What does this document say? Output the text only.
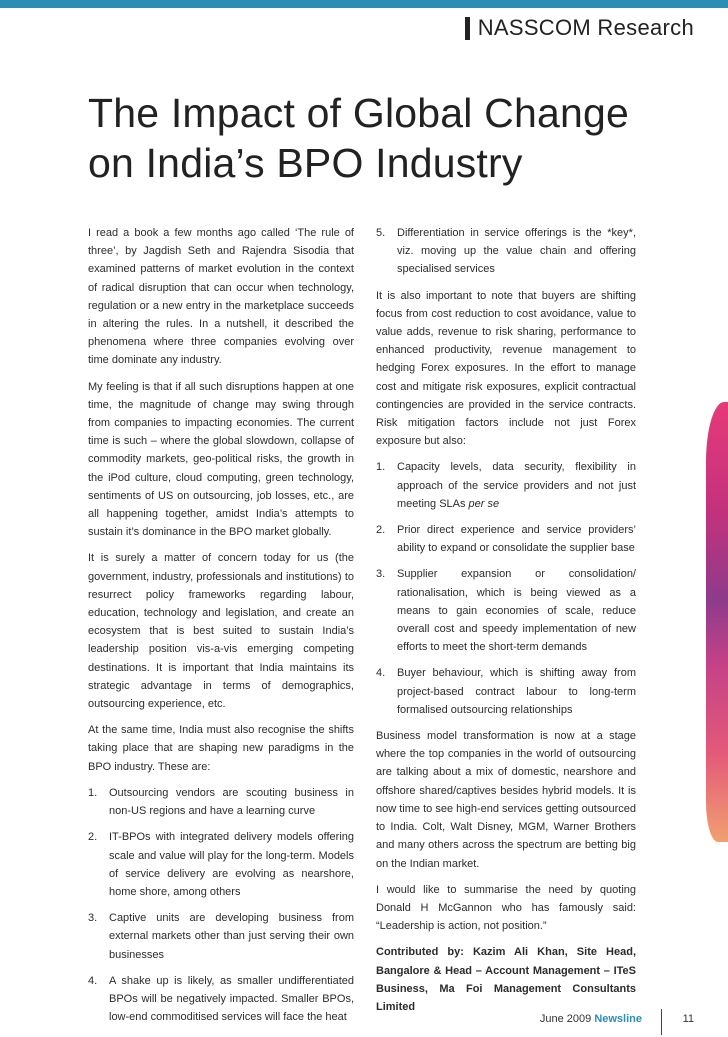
NASSCOM Research
The Impact of Global Change
on India’s BPO Industry

I read a book a few months ago called ‘The rule of three’, by Jagdish Seth and Rajendra Sisodia that examined patterns of market evolution in the context of radical disruption that can occur when technology, regulation or a new entry in the marketplace succeeds in altering the rules. In a nutshell, it described the phenomena where three companies evolving over time dominate any industry.

My feeling is that if all such disruptions happen at one time, the magnitude of change may swing through from companies to impacting economies. The current time is such – where the global slowdown, collapse of commodity markets, geo-political risks, the growth in the iPod culture, cloud computing, green technology, sentiments of US on outsourcing, job losses, etc., are all happening together, amidst India’s attempts to sustain it’s dominance in the BPO market globally.

It is surely a matter of concern today for us (the government, industry, professionals and institutions) to resurrect policy frameworks regarding labour, education, technology and legislation, and create an ecosystem that is best suited to sustain India’s leadership position vis-a-vis emerging competing destinations. It is important that India maintains its strategic advantage in terms of demographics, outsourcing experience, etc.

At the same time, India must also recognise the shifts taking place that are shaping new paradigms in the BPO industry. These are:

1. Outsourcing vendors are scouting business in non-US regions and have a learning curve
2. IT-BPOs with integrated delivery models offering scale and value will play for the long-term. Models of service delivery are evolving as nearshore, home shore, among others
3. Captive units are developing business from external markets other than just serving their own businesses
4. A shake up is likely, as smaller undifferentiated BPOs will be negatively impacted. Smaller BPOs, low-end commoditised services will face the heat
5. Differentiation in service offerings is the *key*, viz. moving up the value chain and offering specialised services

It is also important to note that buyers are shifting focus from cost reduction to cost avoidance, value to value adds, revenue to risk sharing, performance to enhanced productivity, revenue management to hedging Forex exposures. In the effort to manage cost and mitigate risk exposures, explicit contractual contingencies are provided in the service contracts. Risk mitigation factors include not just Forex exposure but also:

1. Capacity levels, data security, flexibility in approach of the service providers and not just meeting SLAs per se
2. Prior direct experience and service providers’ ability to expand or consolidate the supplier base
3. Supplier expansion or consolidation/ rationalisation, which is being viewed as a means to gain economies of scale, reduce overall cost and speedy implementation of new efforts to meet the short-term demands
4. Buyer behaviour, which is shifting away from project-based contract labour to long-term formalised outsourcing relationships

Business model transformation is now at a stage where the top companies in the world of outsourcing are talking about a mix of domestic, nearshore and offshore shared/captives besides hybrid models. It is now time to see high-end services getting outsourced to India. Colt, Walt Disney, MGM, Warner Brothers and many others across the spectrum are betting big on the Indian market.

I would like to summarise the need by quoting Donald H McGannon who has famously said: “Leadership is action, not position.”

Contributed by: Kazim Ali Khan, Site Head, Bangalore & Head – Account Management – ITeS Business, Ma Foi Management Consultants Limited

June 2009 Newsline	11
